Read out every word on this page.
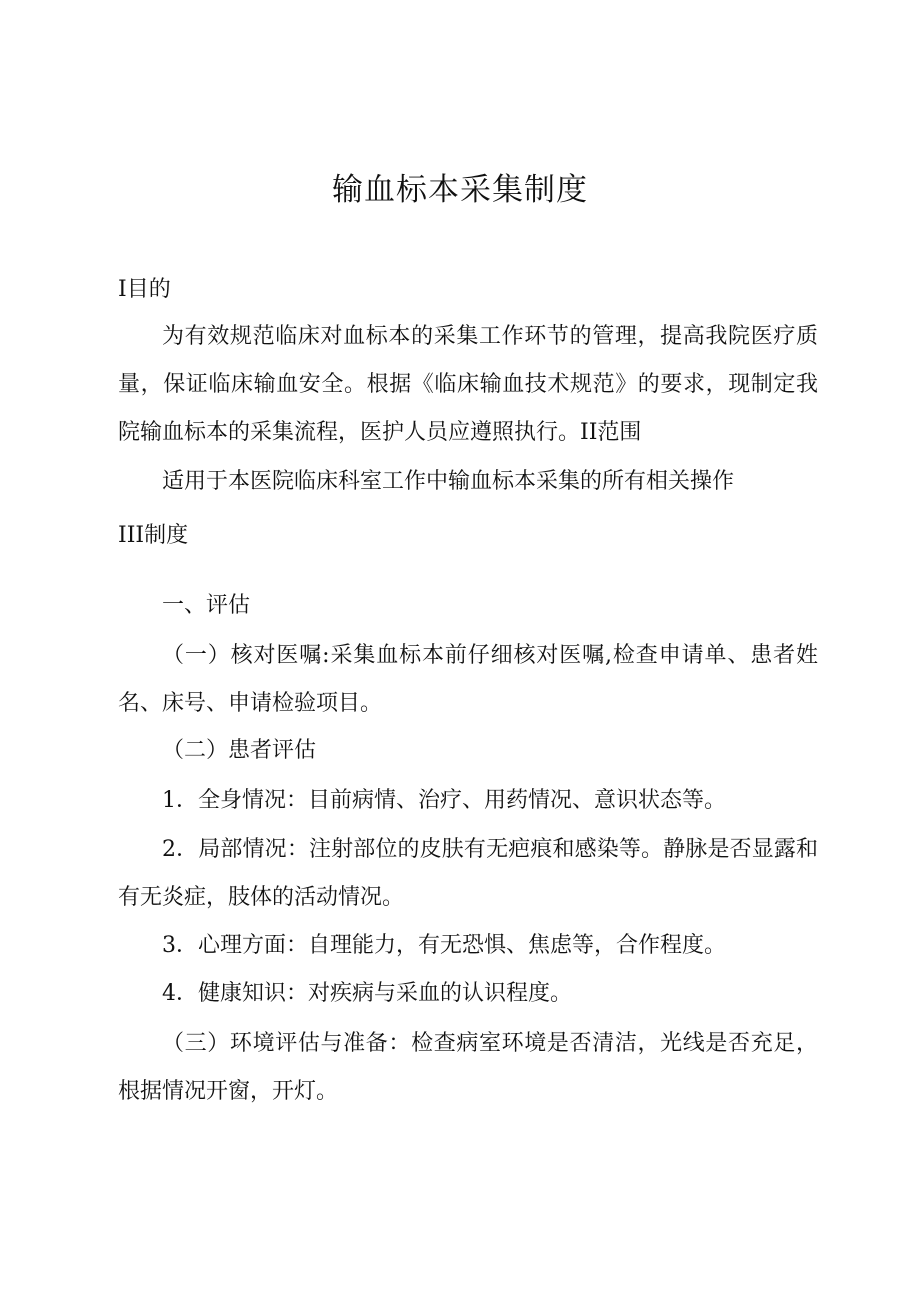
输血标本采集制度

I目的

为有效规范临床对血标本的采集工作环节的管理，提高我院医疗质量，保证临床输血安全。根据《临床输血技术规范》的要求，现制定我院输血标本的采集流程，医护人员应遵照执行。II范围

适用于本医院临床科室工作中输血标本采集的所有相关操作

III制度

一、评估

（一）核对医嘱:采集血标本前仔细核对医嘱,检查申请单、患者姓名、床号、申请检验项目。

（二）患者评估

1．全身情况：目前病情、治疗、用药情况、意识状态等。

2．局部情况：注射部位的皮肤有无疤痕和感染等。静脉是否显露和有无炎症，肢体的活动情况。

3．心理方面：自理能力，有无恐惧、焦虑等，合作程度。

4．健康知识：对疾病与采血的认识程度。

（三）环境评估与准备：检查病室环境是否清洁，光线是否充足，根据情况开窗，开灯。
